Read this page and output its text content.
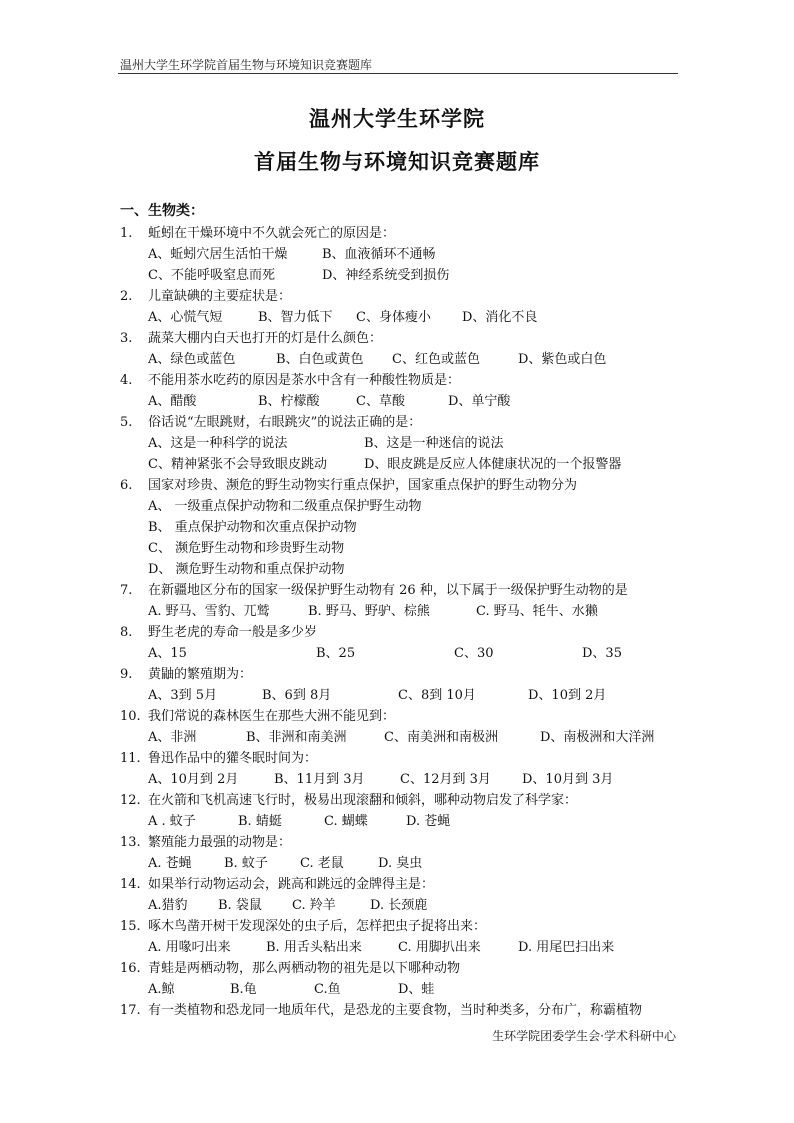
温州大学生环学院首届生物与环境知识竞赛题库
温州大学生环学院
首届生物与环境知识竞赛题库
一、生物类：
1. 蚯蚓在干燥环境中不久就会死亡的原因是：
A、蚯蚓穴居生活怕干燥	B、血液循环不通畅
C、不能呼吸窒息而死	D、神经系统受到损伤
2. 儿童缺碘的主要症状是：
A、心慌气短	B、智力低下 C、身体瘦小 D、消化不良
3. 蔬菜大棚内白天也打开的灯是什么颜色：
A、绿色或蓝色	B、白色或黄色 C、红色或蓝色	D、紫色或白色
4. 不能用茶水吃药的原因是茶水中含有一种酸性物质是：
A、醋酸	B、柠檬酸	C、草酸	D、单宁酸
5. 俗话说“左眼跳财，右眼跳灾”的说法正确的是：
A、这是一种科学的说法	B、这是一种迷信的说法
C、精神紧张不会导致眼皮跳动	D、眼皮跳是反应人体健康状况的一个报警器
6. 国家对珍贵、濒危的野生动物实行重点保护，国家重点保护的野生动物分为
A、 一级重点保护动物和二级重点保护野生动物
B、 重点保护动物和次重点保护动物
C、 濒危野生动物和珍贵野生动物
D、 濒危野生动物和重点保护动物
7. 在新疆地区分布的国家一级保护野生动物有 26 种，以下属于一级保护野生动物的是
A. 野马、雪豹、兀鹫	B. 野马、野驴、棕熊	C. 野马、牦牛、水獭
8. 野生老虎的寿命一般是多少岁
A、15	B、25	C、30	D、35
9. 黄鼬的繁殖期为：
A、3到 5月	B、6到 8月	C、8到 10月	D、10到 2月
10. 我们常说的森林医生在那些大洲不能见到：
A、非洲	B、非洲和南美洲	C、南美洲和南极洲	D、南极洲和大洋洲
11. 鲁迅作品中的獾冬眠时间为：
A、10月到 2月	B、11月到 3月	C、12月到 3月 D、10月到 3月
12. 在火箭和飞机高速飞行时，极易出现滚翻和倾斜，哪种动物启发了科学家：
A . 蚊子	B. 蜻蜓	C. 蝴蝶	D. 苍蝇
13. 繁殖能力最强的动物是：
A. 苍蝇 B. 蚊子 C. 老鼠	D. 臭虫
14. 如果举行动物运动会，跳高和跳远的金牌得主是：
A.猎豹 B. 袋鼠 C. 羚羊	D. 长颈鹿
15. 啄木鸟凿开树干发现深处的虫子后，怎样把虫子捉将出来：
A. 用喙叼出来	B. 用舌头粘出来	C. 用脚扒出来	D. 用尾巴扫出来
16. 青蛙是两栖动物，那么两栖动物的祖先是以下哪种动物
A.鲸	B.龟	C.鱼	D、蛙
17. 有一类植物和恐龙同一地质年代，是恐龙的主要食物，当时种类多，分布广，称霸植物
生环学院团委学生会·学术科研中心
